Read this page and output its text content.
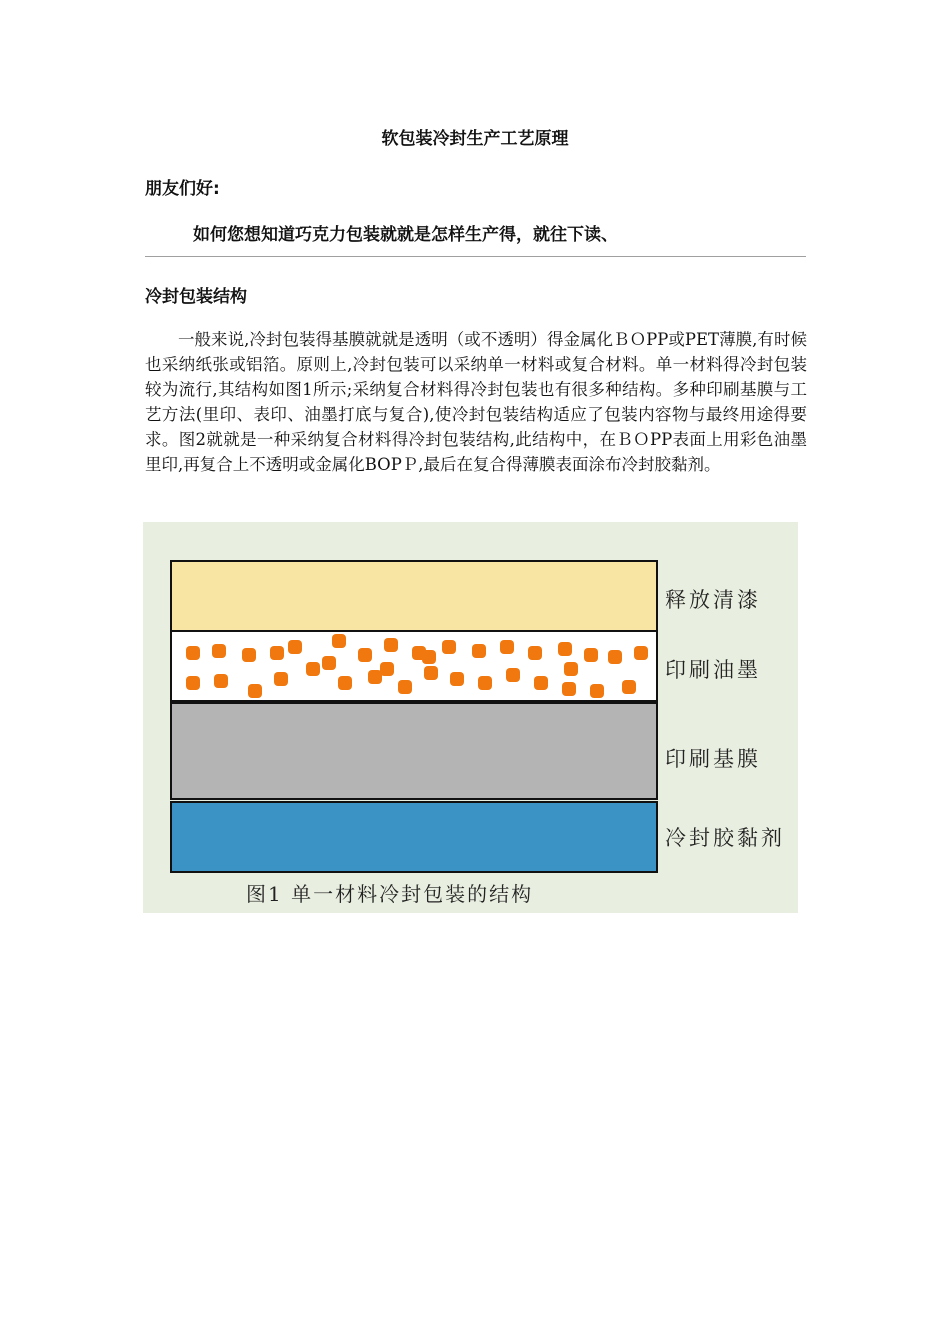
软包装冷封生产工艺原理
朋友们好:
如何您想知道巧克力包装就就是怎样生产得，就往下读、
冷封包装结构
一般来说,冷封包装得基膜就就是透明（或不透明）得金属化ＢＯPP或PET薄膜,有时候也采纳纸张或铝箔。原则上,冷封包装可以采纳单一材料或复合材料。单一材料得冷封包装较为流行,其结构如图1所示;采纳复合材料得冷封包装也有很多种结构。多种印刷基膜与工艺方法(里印、表印、油墨打底与复合),使冷封包装结构适应了包装内容物与最终用途得要求。图2就就是一种采纳复合材料得冷封包装结构,此结构中，在ＢＯPP表面上用彩色油墨里印,再复合上不透明或金属化BOPＰ,最后在复合得薄膜表面涂布冷封胶黏剂。
释放清漆
印刷油墨
印刷基膜
冷封胶黏剂
图1 单一材料冷封包装的结构
